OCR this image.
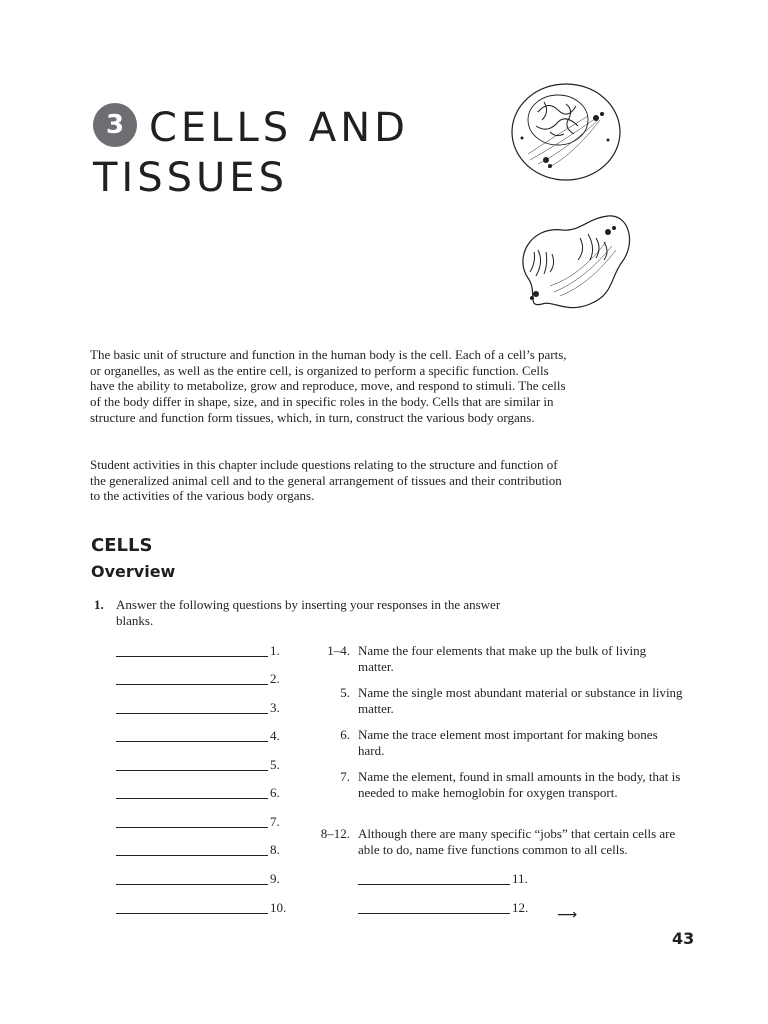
3 CELLS AND TISSUES

The basic unit of structure and function in the human body is the cell. Each of a cell’s parts, or organelles, as well as the entire cell, is organized to perform a specific function. Cells have the ability to metabolize, grow and reproduce, move, and respond to stimuli. The cells of the body differ in shape, size, and in specific roles in the body. Cells that are similar in structure and function form tissues, which, in turn, construct the various body organs.

Student activities in this chapter include questions relating to the structure and function of the generalized animal cell and to the general arrangement of tissues and their contribution to the activities of the various body organs.

CELLS
Overview
1. Answer the following questions by inserting your responses in the answer blanks.
1.
2.
3.
4.
5.
6.
7.
8.
9.
10.
1–4. Name the four elements that make up the bulk of living matter.
5. Name the single most abundant material or substance in living matter.
6. Name the trace element most important for making bones hard.
7. Name the element, found in small amounts in the body, that is needed to make hemoglobin for oxygen transport.
8–12. Although there are many specific “jobs” that certain cells are able to do, name five functions common to all cells.
11.
12.	⟶
43
